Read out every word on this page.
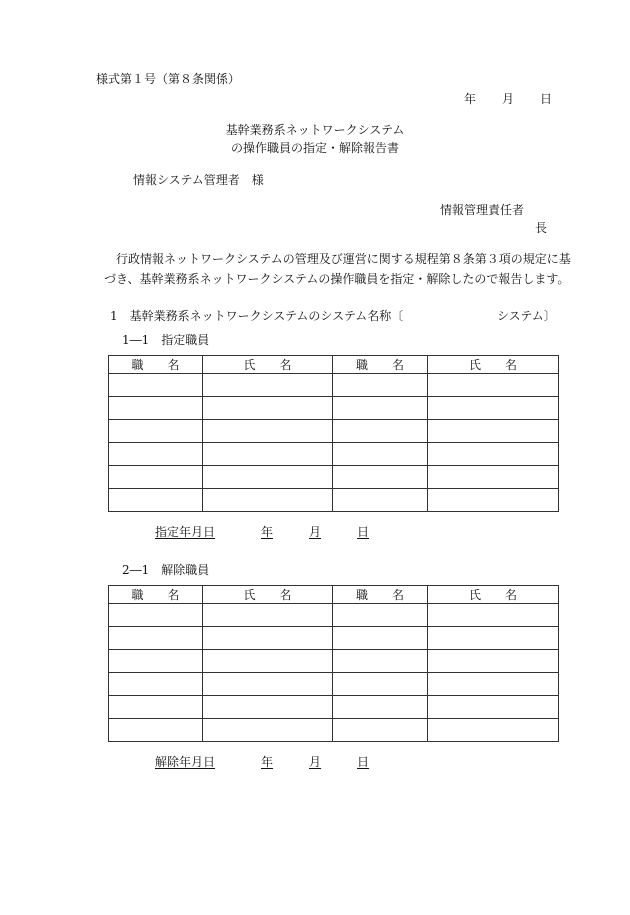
様式第１号（第８条関係）
年 月 日
基幹業務系ネットワークシステム
の操作職員の指定・解除報告書
情報システム管理者　様
情報管理責任者
長
行政情報ネットワークシステムの管理及び運営に関する規程第８条第３項の規定に基づき、基幹業務系ネットワークシステムの操作職員を指定・解除したので報告します。
1　基幹業務系ネットワークシステムのシステム名称〔	システム〕
1―1　指定職員
職　　名	氏　　名	職　　名	氏　　名

指定年月日	年	月	日
2―1　解除職員
職　　名	氏　　名	職　　名	氏　　名

解除年月日	年	月	日
